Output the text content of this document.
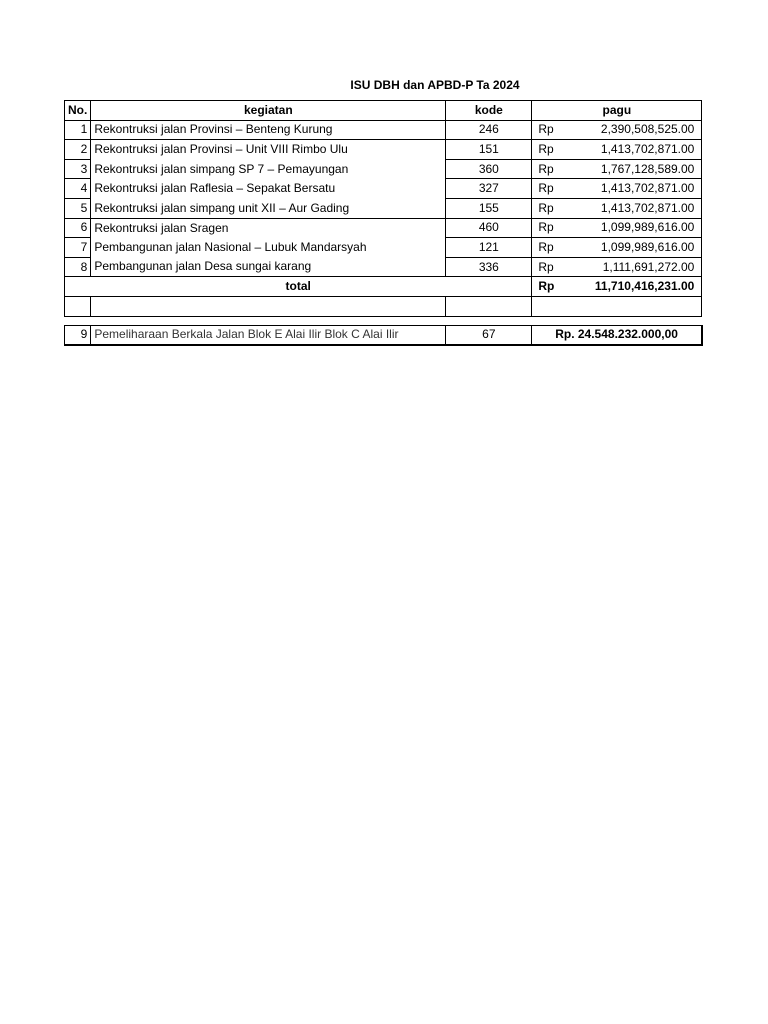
ISU DBH dan APBD-P Ta 2024
No.	kegiatan	kode	pagu	
1	Rekontruksi jalan Provinsi – Benteng Kurung	246	Rp	2,390,508,525.00
2	Rekontruksi jalan Provinsi – Unit VIII Rimbo Ulu	151	Rp	1,413,702,871.00
3	Rekontruksi jalan simpang SP 7 – Pemayungan	360	Rp	1,767,128,589.00
4	Rekontruksi jalan Raflesia – Sepakat Bersatu	327	Rp	1,413,702,871.00
5	Rekontruksi jalan simpang unit XII – Aur Gading	155	Rp	1,413,702,871.00
6	Rekontruksi jalan Sragen	460	Rp	1,099,989,616.00
7	Pembangunan jalan Nasional – Lubuk Mandarsyah	121	Rp	1,099,989,616.00
8	Pembangunan jalan Desa sungai karang	336	Rp	1,111,691,272.00
total			Rp	11,710,416,231.00

9	Pemeliharaan Berkala Jalan Blok E Alai Ilir Blok C Alai Ilir	67	Rp. 24.548.232.000,00	
